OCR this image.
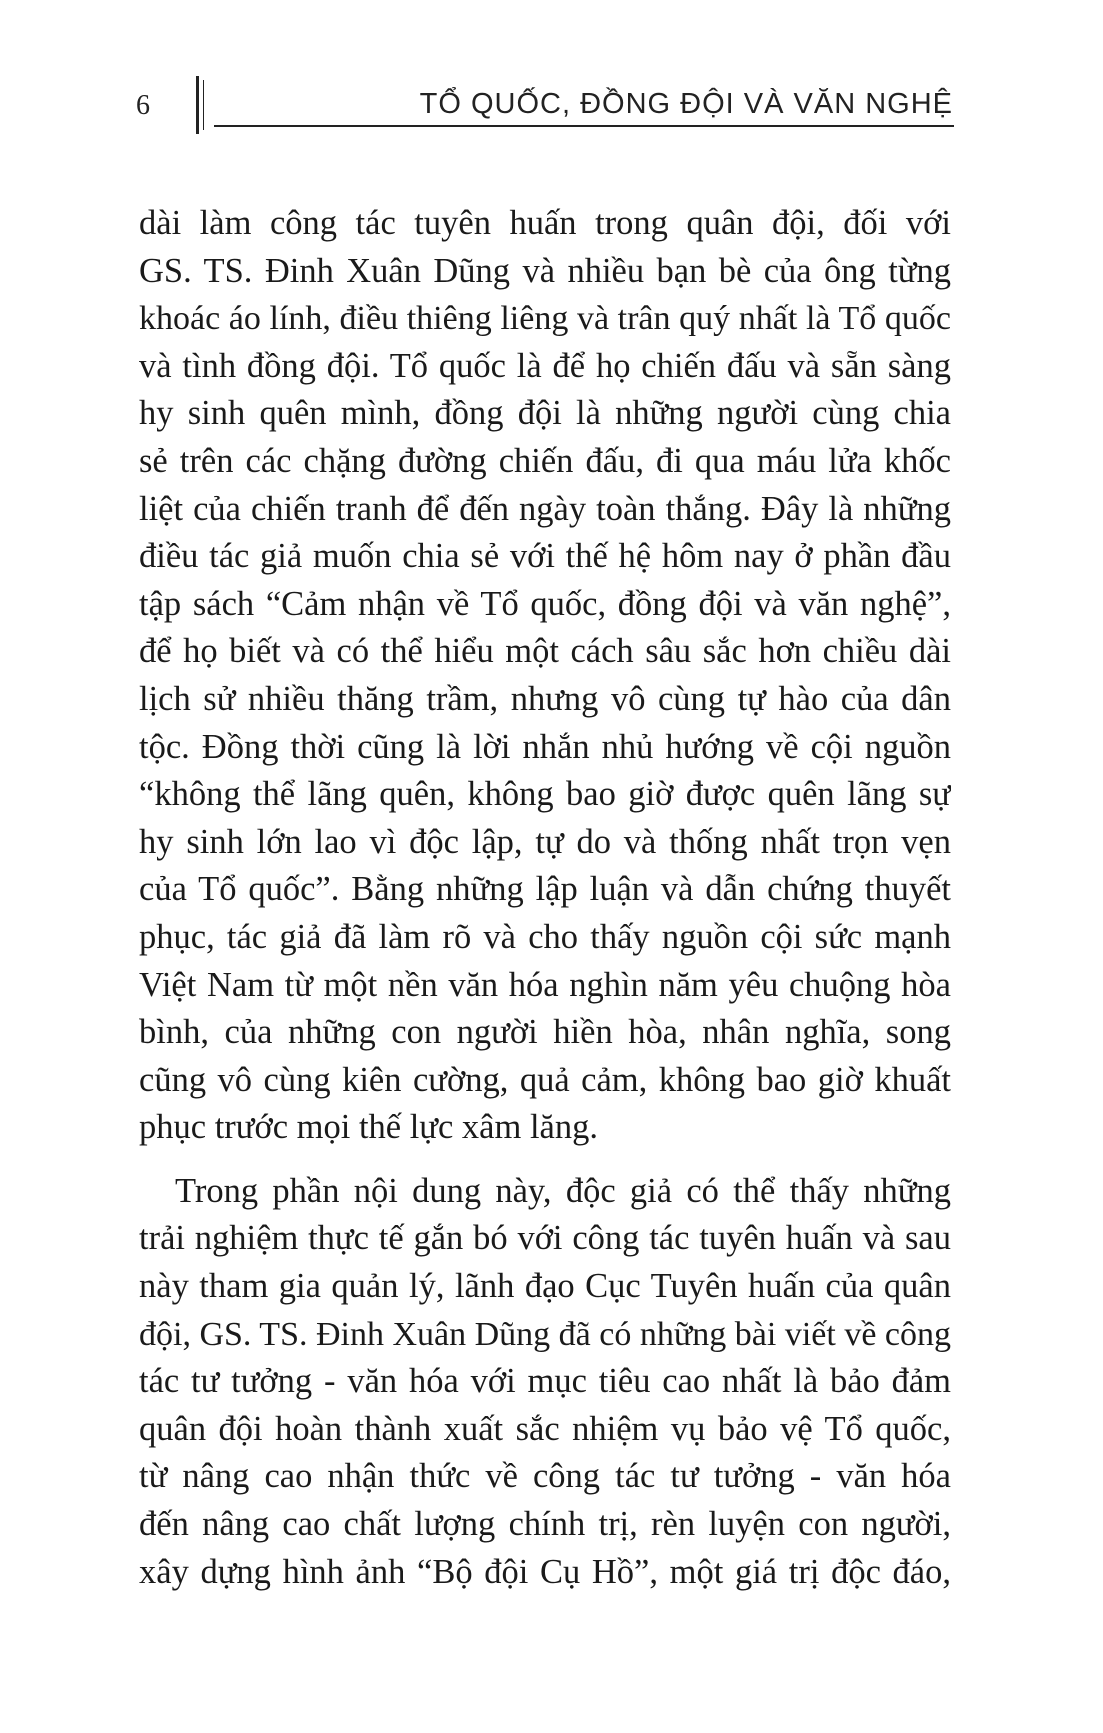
6	TỔ QUỐC, ĐỒNG ĐỘI VÀ VĂN NGHỆ

dài làm công tác tuyên huấn trong quân đội, đối với
GS. TS. Đinh Xuân Dũng và nhiều bạn bè của ông từng
khoác áo lính, điều thiêng liêng và trân quý nhất là Tổ quốc
và tình đồng đội. Tổ quốc là để họ chiến đấu và sẵn sàng
hy sinh quên mình, đồng đội là những người cùng chia
sẻ trên các chặng đường chiến đấu, đi qua máu lửa khốc
liệt của chiến tranh để đến ngày toàn thắng. Đây là những
điều tác giả muốn chia sẻ với thế hệ hôm nay ở phần đầu
tập sách “Cảm nhận về Tổ quốc, đồng đội và văn nghệ”,
để họ biết và có thể hiểu một cách sâu sắc hơn chiều dài
lịch sử nhiều thăng trầm, nhưng vô cùng tự hào của dân
tộc. Đồng thời cũng là lời nhắn nhủ hướng về cội nguồn
“không thể lãng quên, không bao giờ được quên lãng sự
hy sinh lớn lao vì độc lập, tự do và thống nhất trọn vẹn
của Tổ quốc”. Bằng những lập luận và dẫn chứng thuyết
phục, tác giả đã làm rõ và cho thấy nguồn cội sức mạnh
Việt Nam từ một nền văn hóa nghìn năm yêu chuộng hòa
bình, của những con người hiền hòa, nhân nghĩa, song
cũng vô cùng kiên cường, quả cảm, không bao giờ khuất
phục trước mọi thế lực xâm lăng.

Trong phần nội dung này, độc giả có thể thấy những
trải nghiệm thực tế gắn bó với công tác tuyên huấn và sau
này tham gia quản lý, lãnh đạo Cục Tuyên huấn của quân
đội, GS. TS. Đinh Xuân Dũng đã có những bài viết về công
tác tư tưởng - văn hóa với mục tiêu cao nhất là bảo đảm
quân đội hoàn thành xuất sắc nhiệm vụ bảo vệ Tổ quốc,
từ nâng cao nhận thức về công tác tư tưởng - văn hóa
đến nâng cao chất lượng chính trị, rèn luyện con người,
xây dựng hình ảnh “Bộ đội Cụ Hồ”, một giá trị độc đáo,
